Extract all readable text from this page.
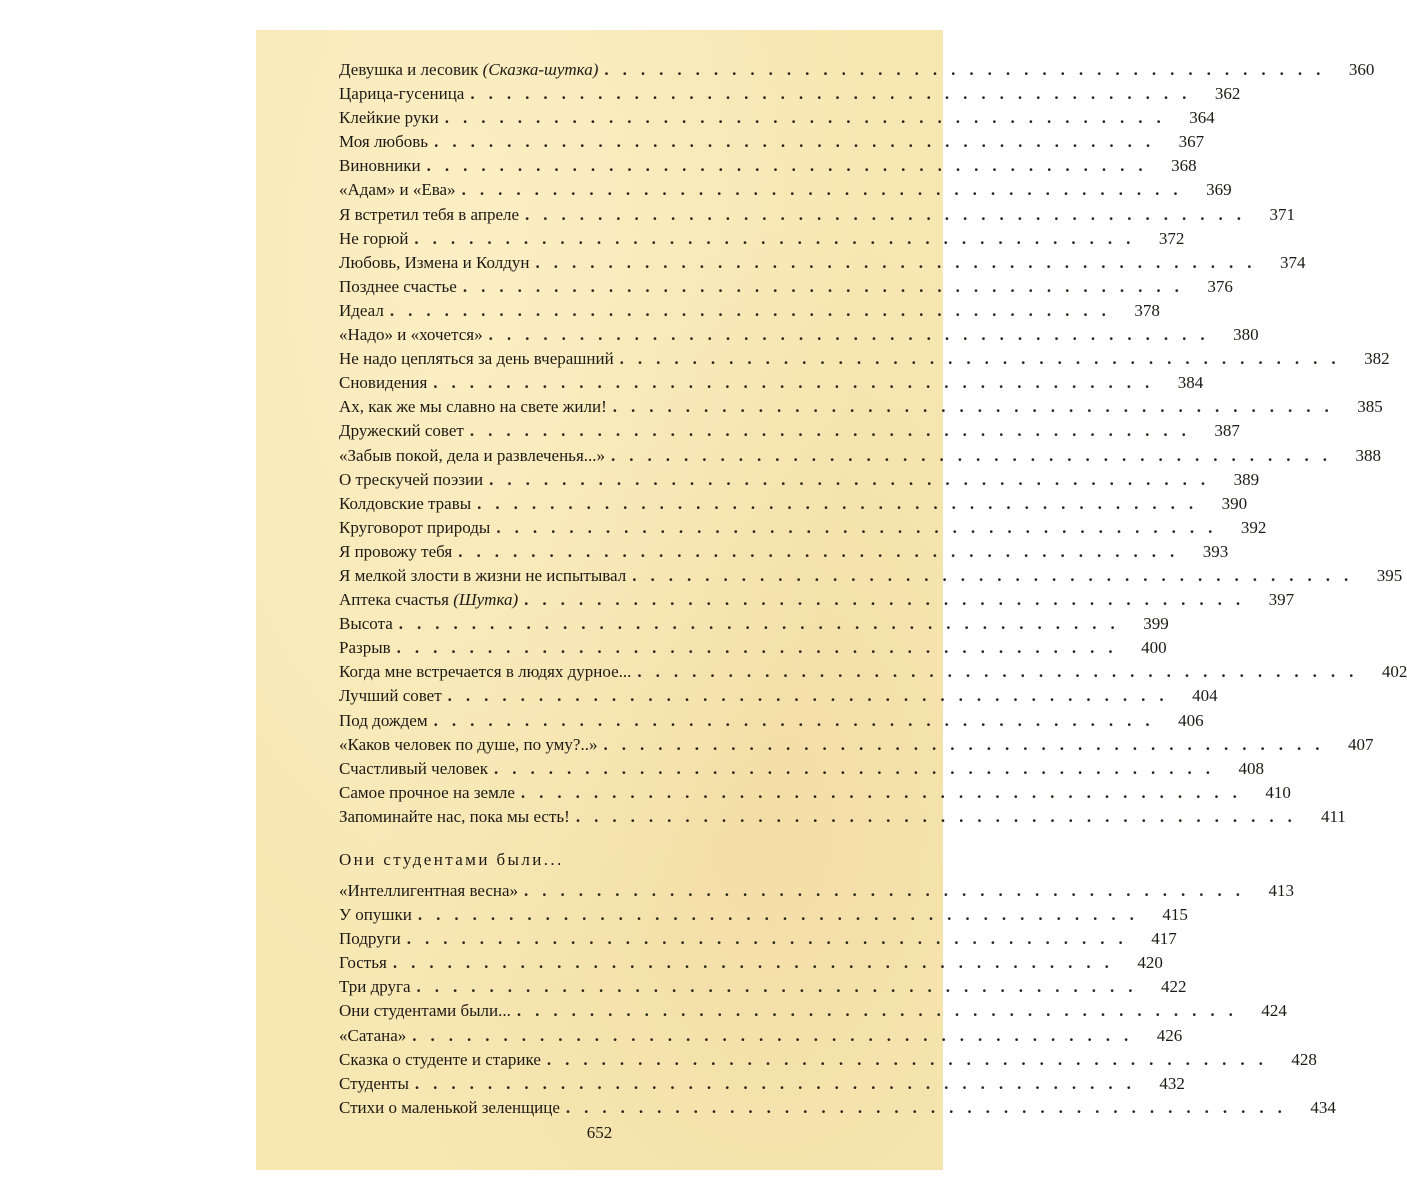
Девушка и лесовик (Сказка-шутка) ........................................ 360
Царица-гусеница ........................................ 362
Клейкие руки ........................................ 364
Моя любовь ........................................ 367
Виновники ........................................ 368
«Адам» и «Ева» ........................................ 369
Я встретил тебя в апреле ........................................ 371
Не горюй ........................................ 372
Любовь, Измена и Колдун ........................................ 374
Позднее счастье ........................................ 376
Идеал ........................................ 378
«Надо» и «хочется» ........................................ 380
Не надо цепляться за день вчерашний ........................................ 382
Сновидения ........................................ 384
Ах, как же мы славно на свете жили! ........................................ 385
Дружеский совет ........................................ 387
«Забыв покой, дела и развлеченья...» ........................................ 388
О трескучей поэзии ........................................ 389
Колдовские травы ........................................ 390
Круговорот природы ........................................ 392
Я провожу тебя ........................................ 393
Я мелкой злости в жизни не испытывал ........................................ 395
Аптека счастья (Шутка) ........................................ 397
Высота ........................................ 399
Разрыв ........................................ 400
Когда мне встречается в людях дурное... ........................................ 402
Лучший совет ........................................ 404
Под дождем ........................................ 406
«Каков человек по душе, по уму?..» ........................................ 407
Счастливый человек ........................................ 408
Самое прочное на земле ........................................ 410
Запоминайте нас, пока мы есть! ........................................ 411
Они студентами были...
«Интеллигентная весна» ........................................ 413
У опушки ........................................ 415
Подруги ........................................ 417
Гостья ........................................ 420
Три друга ........................................ 422
Они студентами были... ........................................ 424
«Сатана» ........................................ 426
Сказка о студенте и старике ........................................ 428
Студенты ........................................ 432
Стихи о маленькой зеленщице ........................................ 434
652
